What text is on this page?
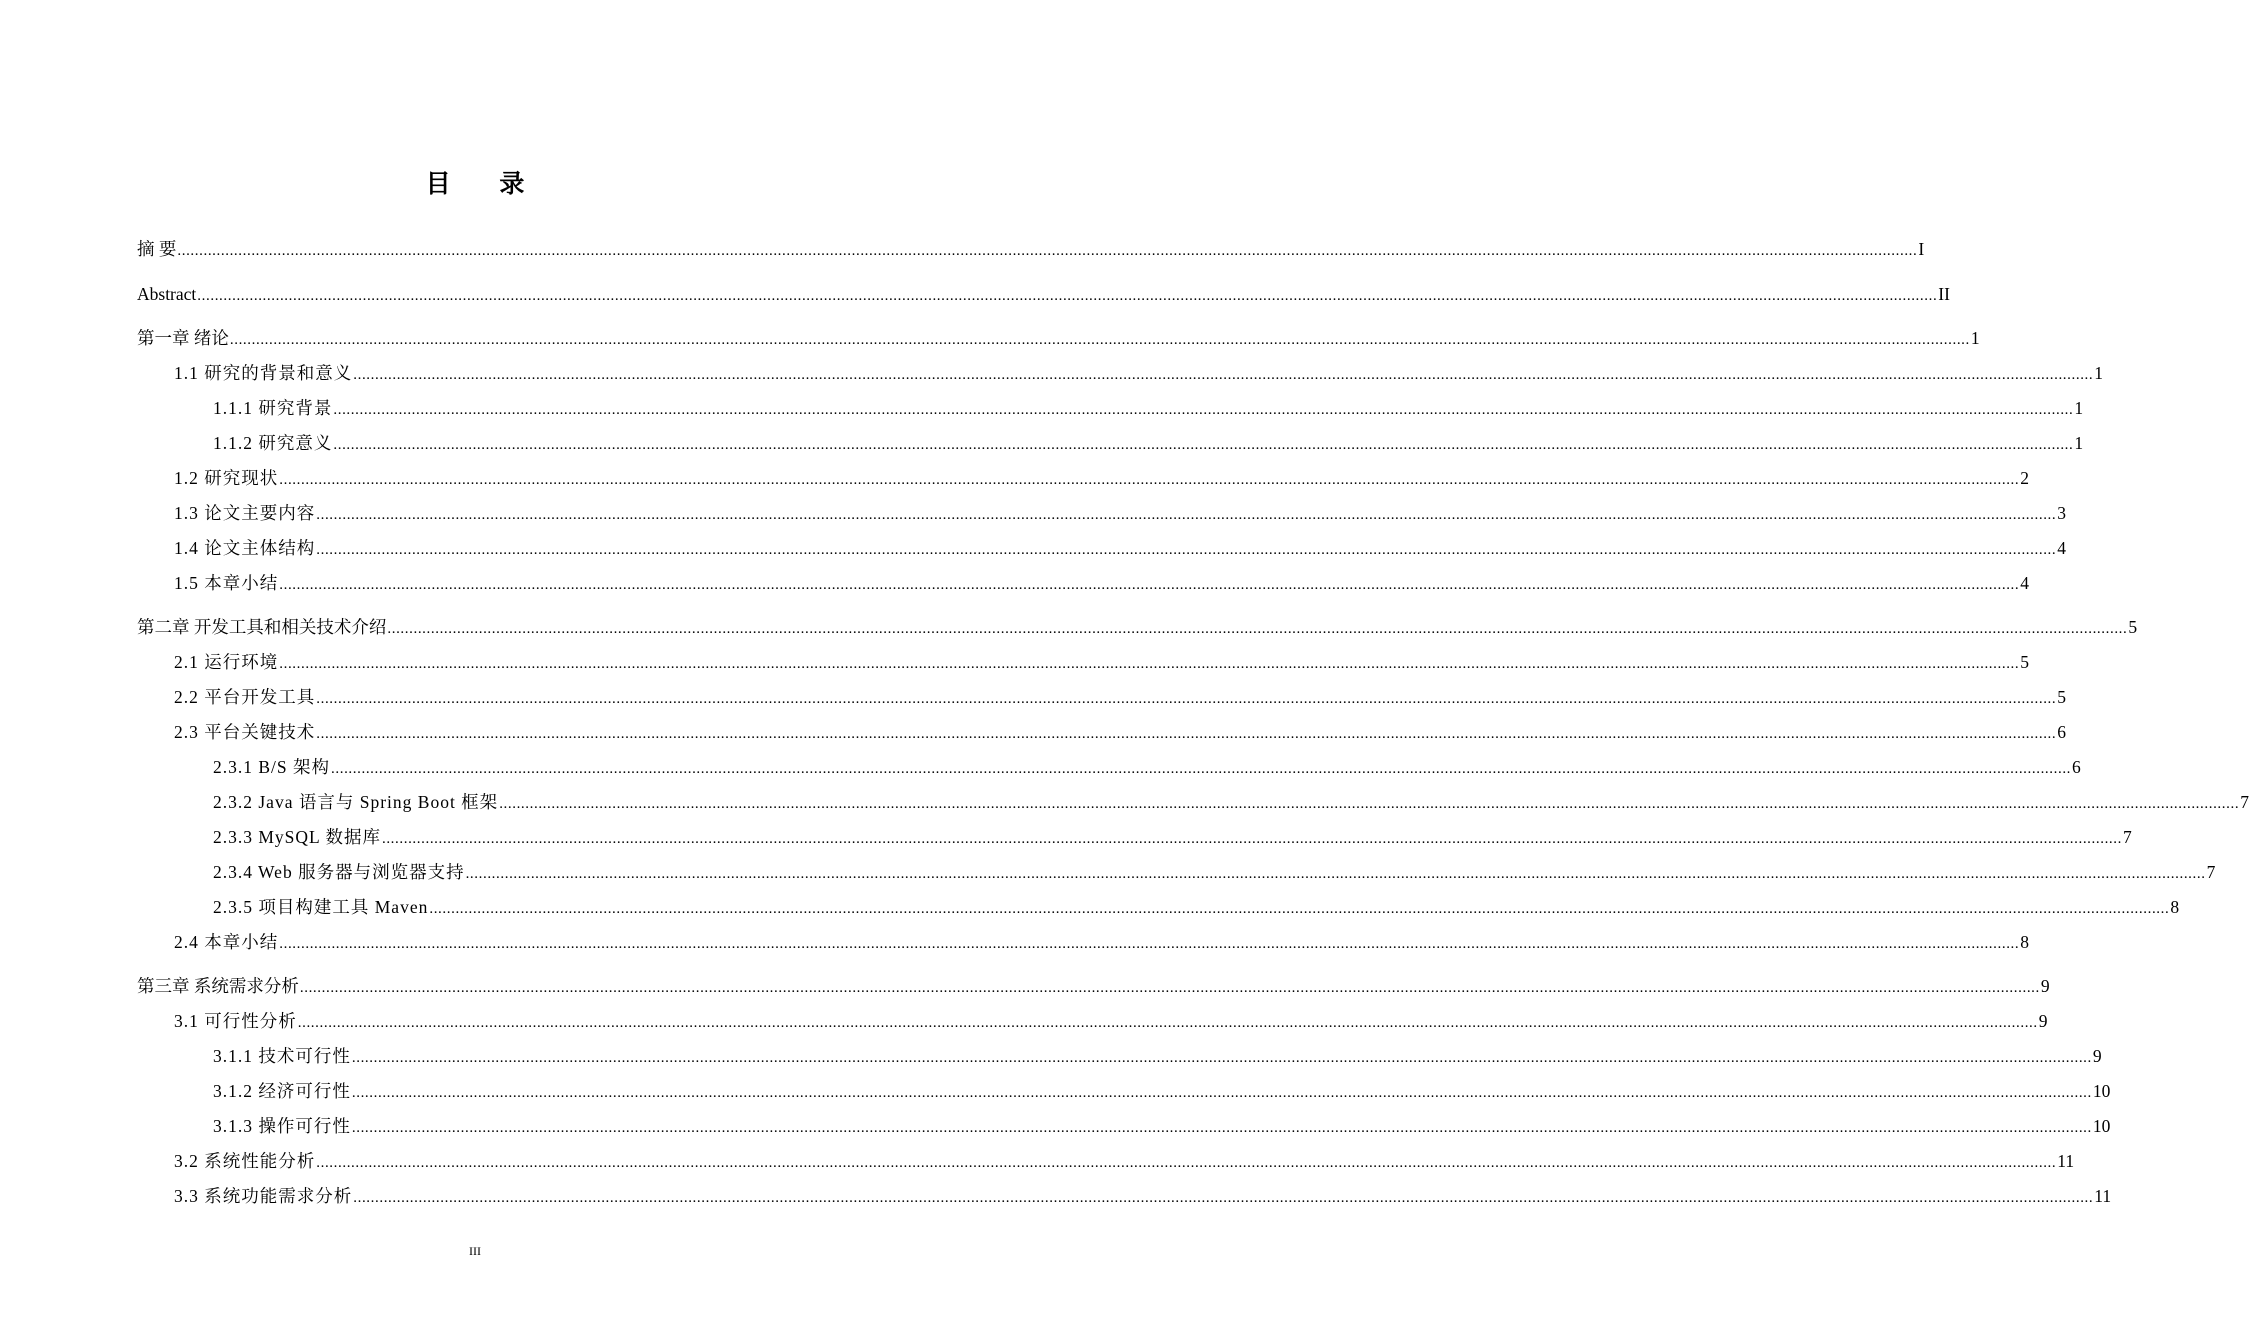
目 录
摘 要 ................................................................................................................................................................................................................................................................................................................................................................................................................ I
Abstract ................................................................................................................................................................................................................................................................................................................................................................................................................ II
第一章 绪论 ................................................................................................................................................................................................................................................................................................................................................................................................................ 1
1.1 研究的背景和意义 ................................................................................................................................................................................................................................................................................................................................................................................................................ 1
1.1.1 研究背景 ................................................................................................................................................................................................................................................................................................................................................................................................................ 1
1.1.2 研究意义 ................................................................................................................................................................................................................................................................................................................................................................................................................ 1
1.2 研究现状 ................................................................................................................................................................................................................................................................................................................................................................................................................ 2
1.3 论文主要内容 ................................................................................................................................................................................................................................................................................................................................................................................................................ 3
1.4 论文主体结构 ................................................................................................................................................................................................................................................................................................................................................................................................................ 4
1.5 本章小结 ................................................................................................................................................................................................................................................................................................................................................................................................................ 4
第二章 开发工具和相关技术介绍 ................................................................................................................................................................................................................................................................................................................................................................................................................ 5
2.1 运行环境 ................................................................................................................................................................................................................................................................................................................................................................................................................ 5
2.2 平台开发工具 ................................................................................................................................................................................................................................................................................................................................................................................................................ 5
2.3 平台关键技术 ................................................................................................................................................................................................................................................................................................................................................................................................................ 6
2.3.1 B/S 架构 ................................................................................................................................................................................................................................................................................................................................................................................................................ 6
2.3.2 Java 语言与 Spring Boot 框架 ................................................................................................................................................................................................................................................................................................................................................................................................................ 7
2.3.3 MySQL 数据库 ................................................................................................................................................................................................................................................................................................................................................................................................................ 7
2.3.4 Web 服务器与浏览器支持 ................................................................................................................................................................................................................................................................................................................................................................................................................ 7
2.3.5 项目构建工具 Maven ................................................................................................................................................................................................................................................................................................................................................................................................................ 8
2.4 本章小结 ................................................................................................................................................................................................................................................................................................................................................................................................................ 8
第三章 系统需求分析 ................................................................................................................................................................................................................................................................................................................................................................................................................ 9
3.1 可行性分析 ................................................................................................................................................................................................................................................................................................................................................................................................................ 9
3.1.1 技术可行性 ................................................................................................................................................................................................................................................................................................................................................................................................................ 9
3.1.2 经济可行性 ................................................................................................................................................................................................................................................................................................................................................................................................................ 10
3.1.3 操作可行性 ................................................................................................................................................................................................................................................................................................................................................................................................................ 10
3.2 系统性能分析 ................................................................................................................................................................................................................................................................................................................................................................................................................ 11
3.3 系统功能需求分析 ................................................................................................................................................................................................................................................................................................................................................................................................................ 11
III
